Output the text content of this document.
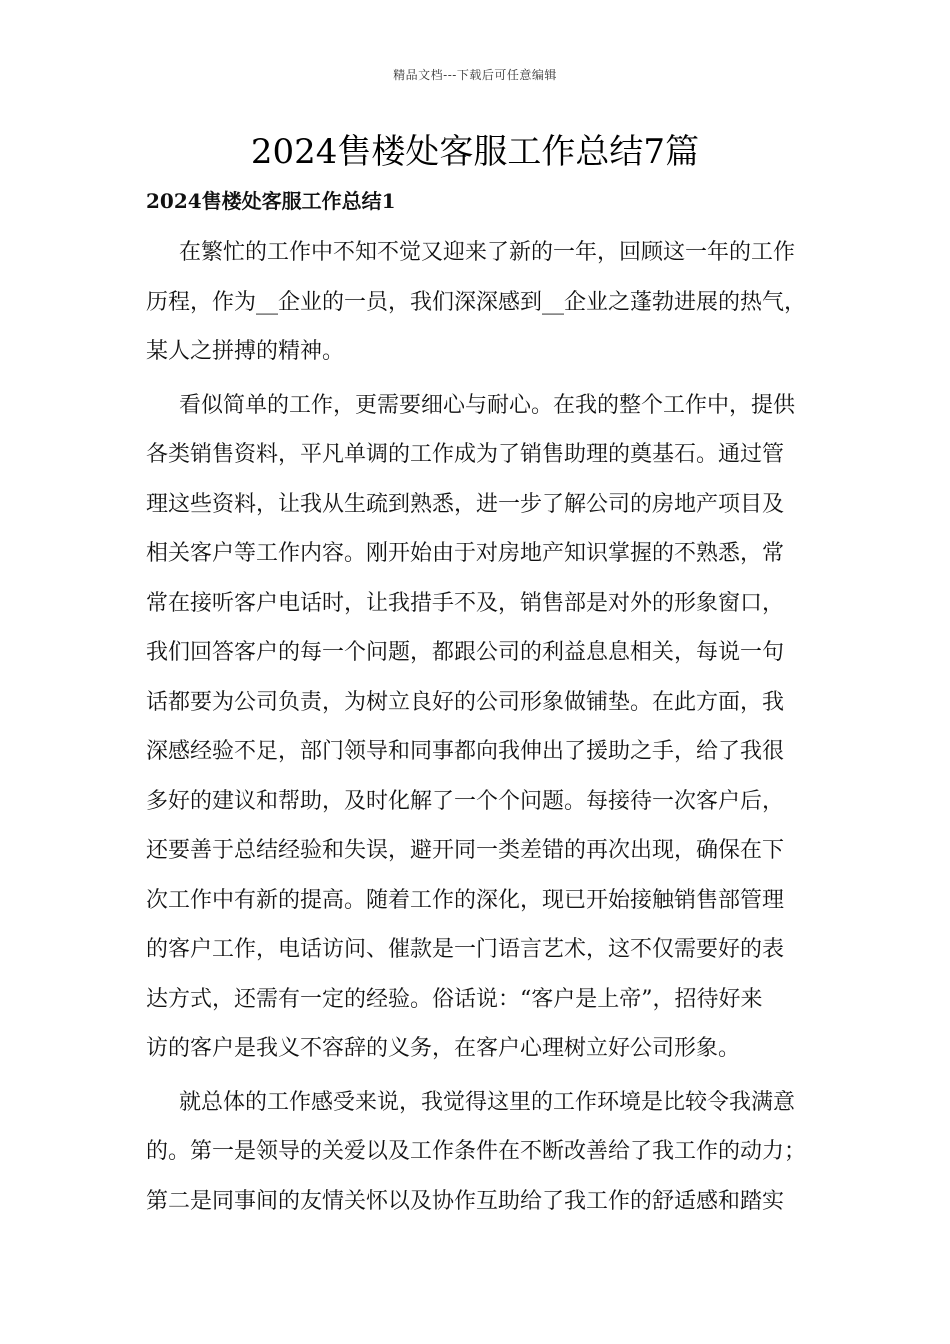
精品文档---下载后可任意编辑
2024售楼处客服工作总结7篇
2024售楼处客服工作总结1

在繁忙的工作中不知不觉又迎来了新的一年，回顾这一年的工作
历程，作为__企业的一员，我们深深感到__企业之蓬勃进展的热气，
某人之拼搏的精神。

看似简单的工作，更需要细心与耐心。在我的整个工作中，提供
各类销售资料，平凡单调的工作成为了销售助理的奠基石。通过管
理这些资料，让我从生疏到熟悉，进一步了解公司的房地产项目及
相关客户等工作内容。刚开始由于对房地产知识掌握的不熟悉，常
常在接听客户电话时，让我措手不及，销售部是对外的形象窗口，
我们回答客户的每一个问题，都跟公司的利益息息相关，每说一句
话都要为公司负责，为树立良好的公司形象做铺垫。在此方面，我
深感经验不足，部门领导和同事都向我伸出了援助之手，给了我很
多好的建议和帮助，及时化解了一个个问题。每接待一次客户后，
还要善于总结经验和失误，避开同一类差错的再次出现，确保在下
次工作中有新的提高。随着工作的深化，现已开始接触销售部管理
的客户工作，电话访问、催款是一门语言艺术，这不仅需要好的表
达方式，还需有一定的经验。俗话说：“客户是上帝”，招待好来
访的客户是我义不容辞的义务，在客户心理树立好公司形象。

就总体的工作感受来说，我觉得这里的工作环境是比较令我满意
的。第一是领导的关爱以及工作条件在不断改善给了我工作的动力；
第二是同事间的友情关怀以及协作互助给了我工作的舒适感和踏实
